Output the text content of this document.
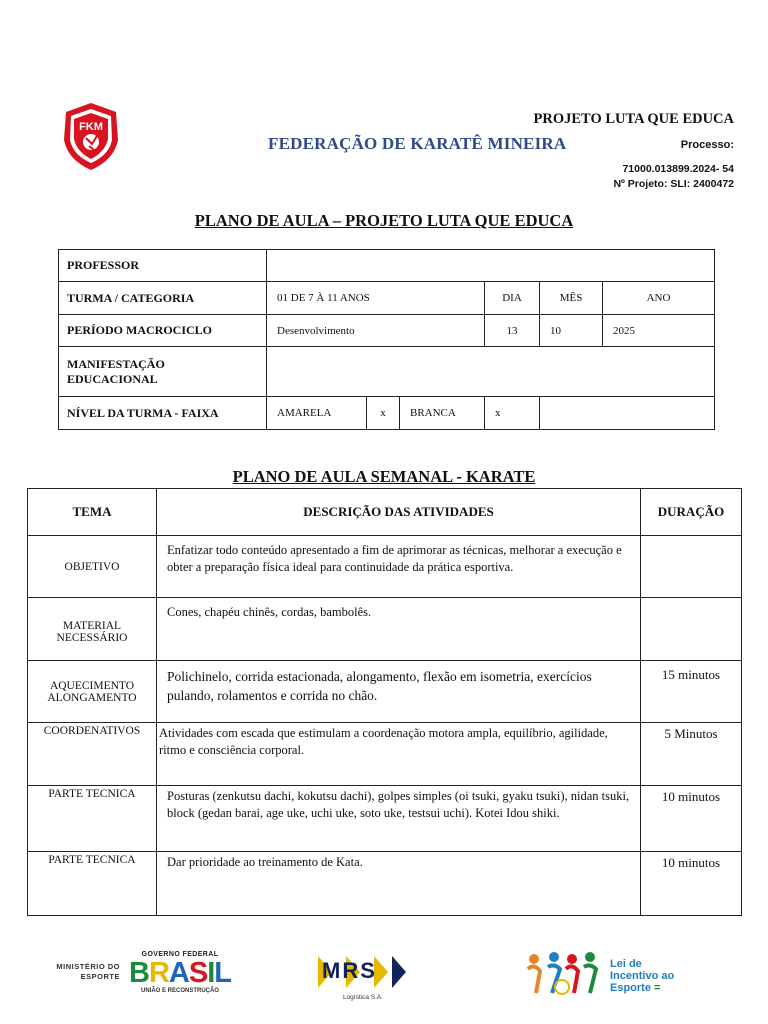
FKM	PROJETO LUTA QUE EDUCA
FEDERAÇÃO DE KARATÊ MINEIRA	Processo:
71000.013899.2024- 54
Nº Projeto: SLI: 2400472
PLANO DE AULA – PROJETO LUTA QUE EDUCA
PROFESSOR						
TURMA / CATEGORIA	01 DE 7 À 11 ANOS			DIA	MÊS	ANO
PERÍODO MACROCICLO	Desenvolvimento			13	10	2025

MANIFESTAÇÃO
EDUCACIONAL						

NÍVEL DA TURMA - FAIXA	AMARELA	x	BRANCA	x		
PLANO DE AULA SEMANAL - KARATE
TEMA	DESCRIÇÃO DAS ATIVIDADES	DURAÇÃO
OBJETIVO	Enfatizar todo conteúdo apresentado a fim de aprimorar as técnicas, melhorar a execução e obter a preparação física ideal para continuidade da prática esportiva.	
MATERIAL NECESSÁRIO	Cones, chapéu chinês, cordas, bambolês.	
AQUECIMENTO ALONGAMENTO	Polichinelo, corrida estacionada, alongamento, flexão em isometria, exercícios pulando, rolamentos e corrida no chão.	15 minutos
COORDENATIVOS	Atividades com escada que estimulam a coordenação motora ampla, equilíbrio, agilidade, ritmo e consciência corporal.	5 Minutos
PARTE TECNICA	Posturas (zenkutsu dachi, kokutsu dachi), golpes simples (oi tsuki, gyaku tsuki), nidan tsuki, block (gedan barai, age uke, uchi uke, soto uke, testsui uchi). Kotei Idou shiki.	10 minutos
PARTE TECNICA	Dar prioridade ao treinamento de Kata.	10 minutos
MINISTÉRIO DO
ESPORTE
GOVERNO FEDERAL
BRASIL
UNIÃO E RECONSTRUÇÃO
MRS
Logística S.A.
Lei de
Incentivo ao
Esporte =
